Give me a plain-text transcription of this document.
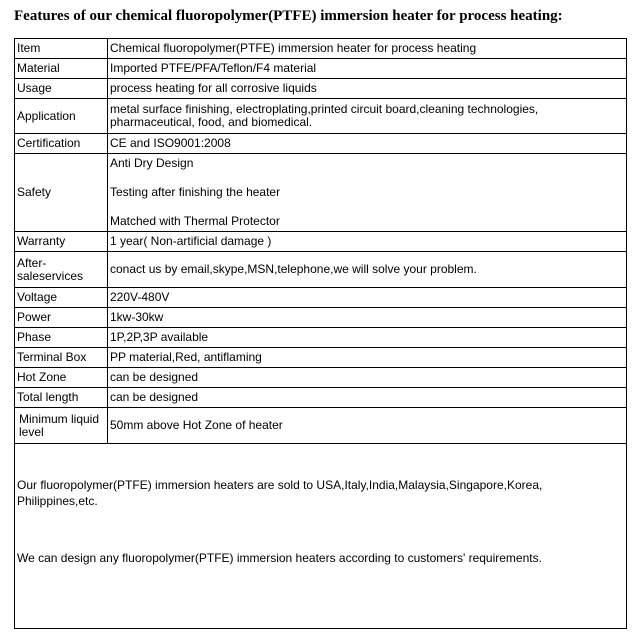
Features of our chemical fluoropolymer(PTFE) immersion heater for process heating:
Item	Chemical fluoropolymer(PTFE) immersion heater for process heating
Material	Imported PTFE/PFA/Teflon/F4 material
Usage	process heating for all corrosive liquids
Application	metal surface finishing, electroplating,printed circuit board,cleaning technologies, pharmaceutical, food, and biomedical.
Certification	CE and ISO9001:2008
Safety	Anti Dry Design
Testing after finishing the heater
Matched with Thermal Protector

Warranty	1 year( Non-artificial damage )
After-saleservices	conact us by email,skype,MSN,telephone,we will solve your problem.
Voltage	220V-480V
Power	1kw-30kw
Phase	1P,2P,3P available
Terminal Box	PP material,Red, antiflaming
Hot Zone	can be designed
Total length	can be designed
Minimum liquid level	50mm above Hot Zone of heater
Our fluoropolymer(PTFE) immersion heaters are sold to USA,Italy,India,Malaysia,Singapore,Korea, Philippines,etc.
We can design any fluoropolymer(PTFE) immersion heaters according to customers' requirements.
